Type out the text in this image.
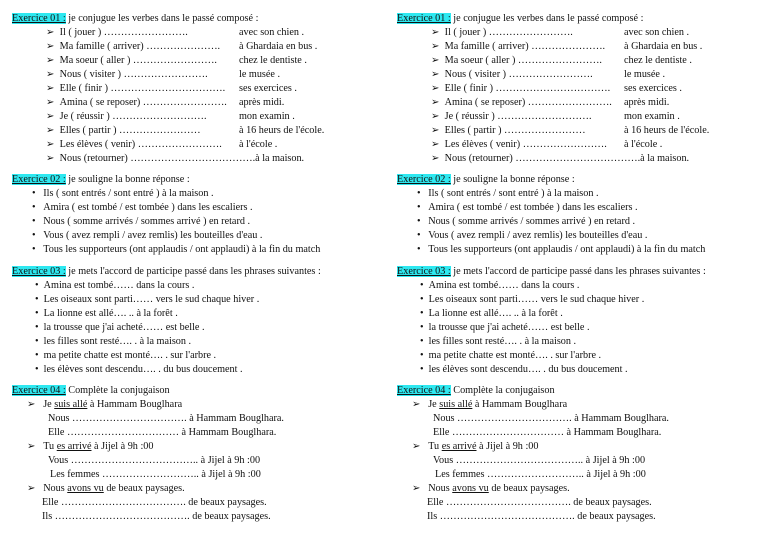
Exercice 01 : je conjugue les verbes dans le passé composé :
➢ Il ( jouer ) …………………….	avec son chien .
➢ Ma famille ( arriver) …………………. à Ghardaia en bus .
➢ Ma soeur ( aller ) ……………………. chez le dentiste .
➢ Nous ( visiter ) …………………….	le musée .
➢ Elle ( finir ) ……………………………. ses exercices .
➢ Amina ( se reposer) ……………………. après midi.
➢ Je ( réussir ) ……………………….	mon examin .
➢ Elles ( partir ) ……………………	à 16 heurs de l'école.
➢ Les élèves ( venir) ……………………. à l'école .
➢ Nous (retourner) ……………………………….à la maison.
Exercice 02 : je souligne la bonne réponse :
• Ils ( sont entrés / sont entré ) à la maison .
• Amira ( est tombé / est tombée ) dans les escaliers .
• Nous ( somme arrivés / sommes arrivé ) en retard .
• Vous ( avez rempli / avez remlis) les bouteilles d'eau .
• Tous les supporteurs (ont applaudis / ont applaudi) à la fin du match
Exercice 03 : je mets l'accord de participe passé dans les phrases suivantes :
• Amina est tombé…… dans la cours .
• Les oiseaux sont parti…… vers le sud chaque hiver .
• La lionne est allé…. .. à la forêt .
• la trousse que j'ai acheté…… est belle .
• les filles sont resté…. . à la maison .
• ma petite chatte est monté…. . sur l'arbre .
• les élèves sont descendu…. . du bus doucement .
Exercice 04 : Complète la conjugaison
➢ Je suis allé à Hammam Bouglhara
Nous ……………………………. à Hammam Bouglhara.
Elle …………………………… à Hammam Bouglhara.
➢ Tu es arrivé à Jijel à 9h :00
Vous ……………………………….. à Jijel à 9h :00
Les femmes ……………………….. à Jijel à 9h :00
➢ Nous avons vu de beaux paysages.
Elle ………………………………. de beaux paysages.
Ils …………………………………. de beaux paysages.
Exercice 01 : je conjugue les verbes dans le passé composé :
➢ Il ( jouer ) …………………….	avec son chien .
➢ Ma famille ( arriver) …………………. à Ghardaia en bus .
➢ Ma soeur ( aller ) ……………………. chez le dentiste .
➢ Nous ( visiter ) …………………….	le musée .
➢ Elle ( finir ) ……………………………. ses exercices .
➢ Amina ( se reposer) ……………………. après midi.
➢ Je ( réussir ) ……………………….	mon examin .
➢ Elles ( partir ) ……………………	à 16 heurs de l'école.
➢ Les élèves ( venir) ……………………. à l'école .
➢ Nous (retourner) ……………………………….à la maison.
Exercice 02 : je souligne la bonne réponse :
• Ils ( sont entrés / sont entré ) à la maison .
• Amira ( est tombé / est tombée ) dans les escaliers .
• Nous ( somme arrivés / sommes arrivé ) en retard .
• Vous ( avez rempli / avez remlis) les bouteilles d'eau .
• Tous les supporteurs (ont applaudis / ont applaudi) à la fin du match
Exercice 03 : je mets l'accord de participe passé dans les phrases suivantes :
• Amina est tombé…… dans la cours .
• Les oiseaux sont parti…… vers le sud chaque hiver .
• La lionne est allé…. .. à la forêt .
• la trousse que j'ai acheté…… est belle .
• les filles sont resté…. . à la maison .
• ma petite chatte est monté…. . sur l'arbre .
• les élèves sont descendu…. . du bus doucement .
Exercice 04 : Complète la conjugaison
➢ Je suis allé à Hammam Bouglhara
Nous ……………………………. à Hammam Bouglhara.
Elle …………………………… à Hammam Bouglhara.
➢ Tu es arrivé à Jijel à 9h :00
Vous ……………………………….. à Jijel à 9h :00
Les femmes ……………………….. à Jijel à 9h :00
➢ Nous avons vu de beaux paysages.
Elle ………………………………. de beaux paysages.
Ils …………………………………. de beaux paysages.
